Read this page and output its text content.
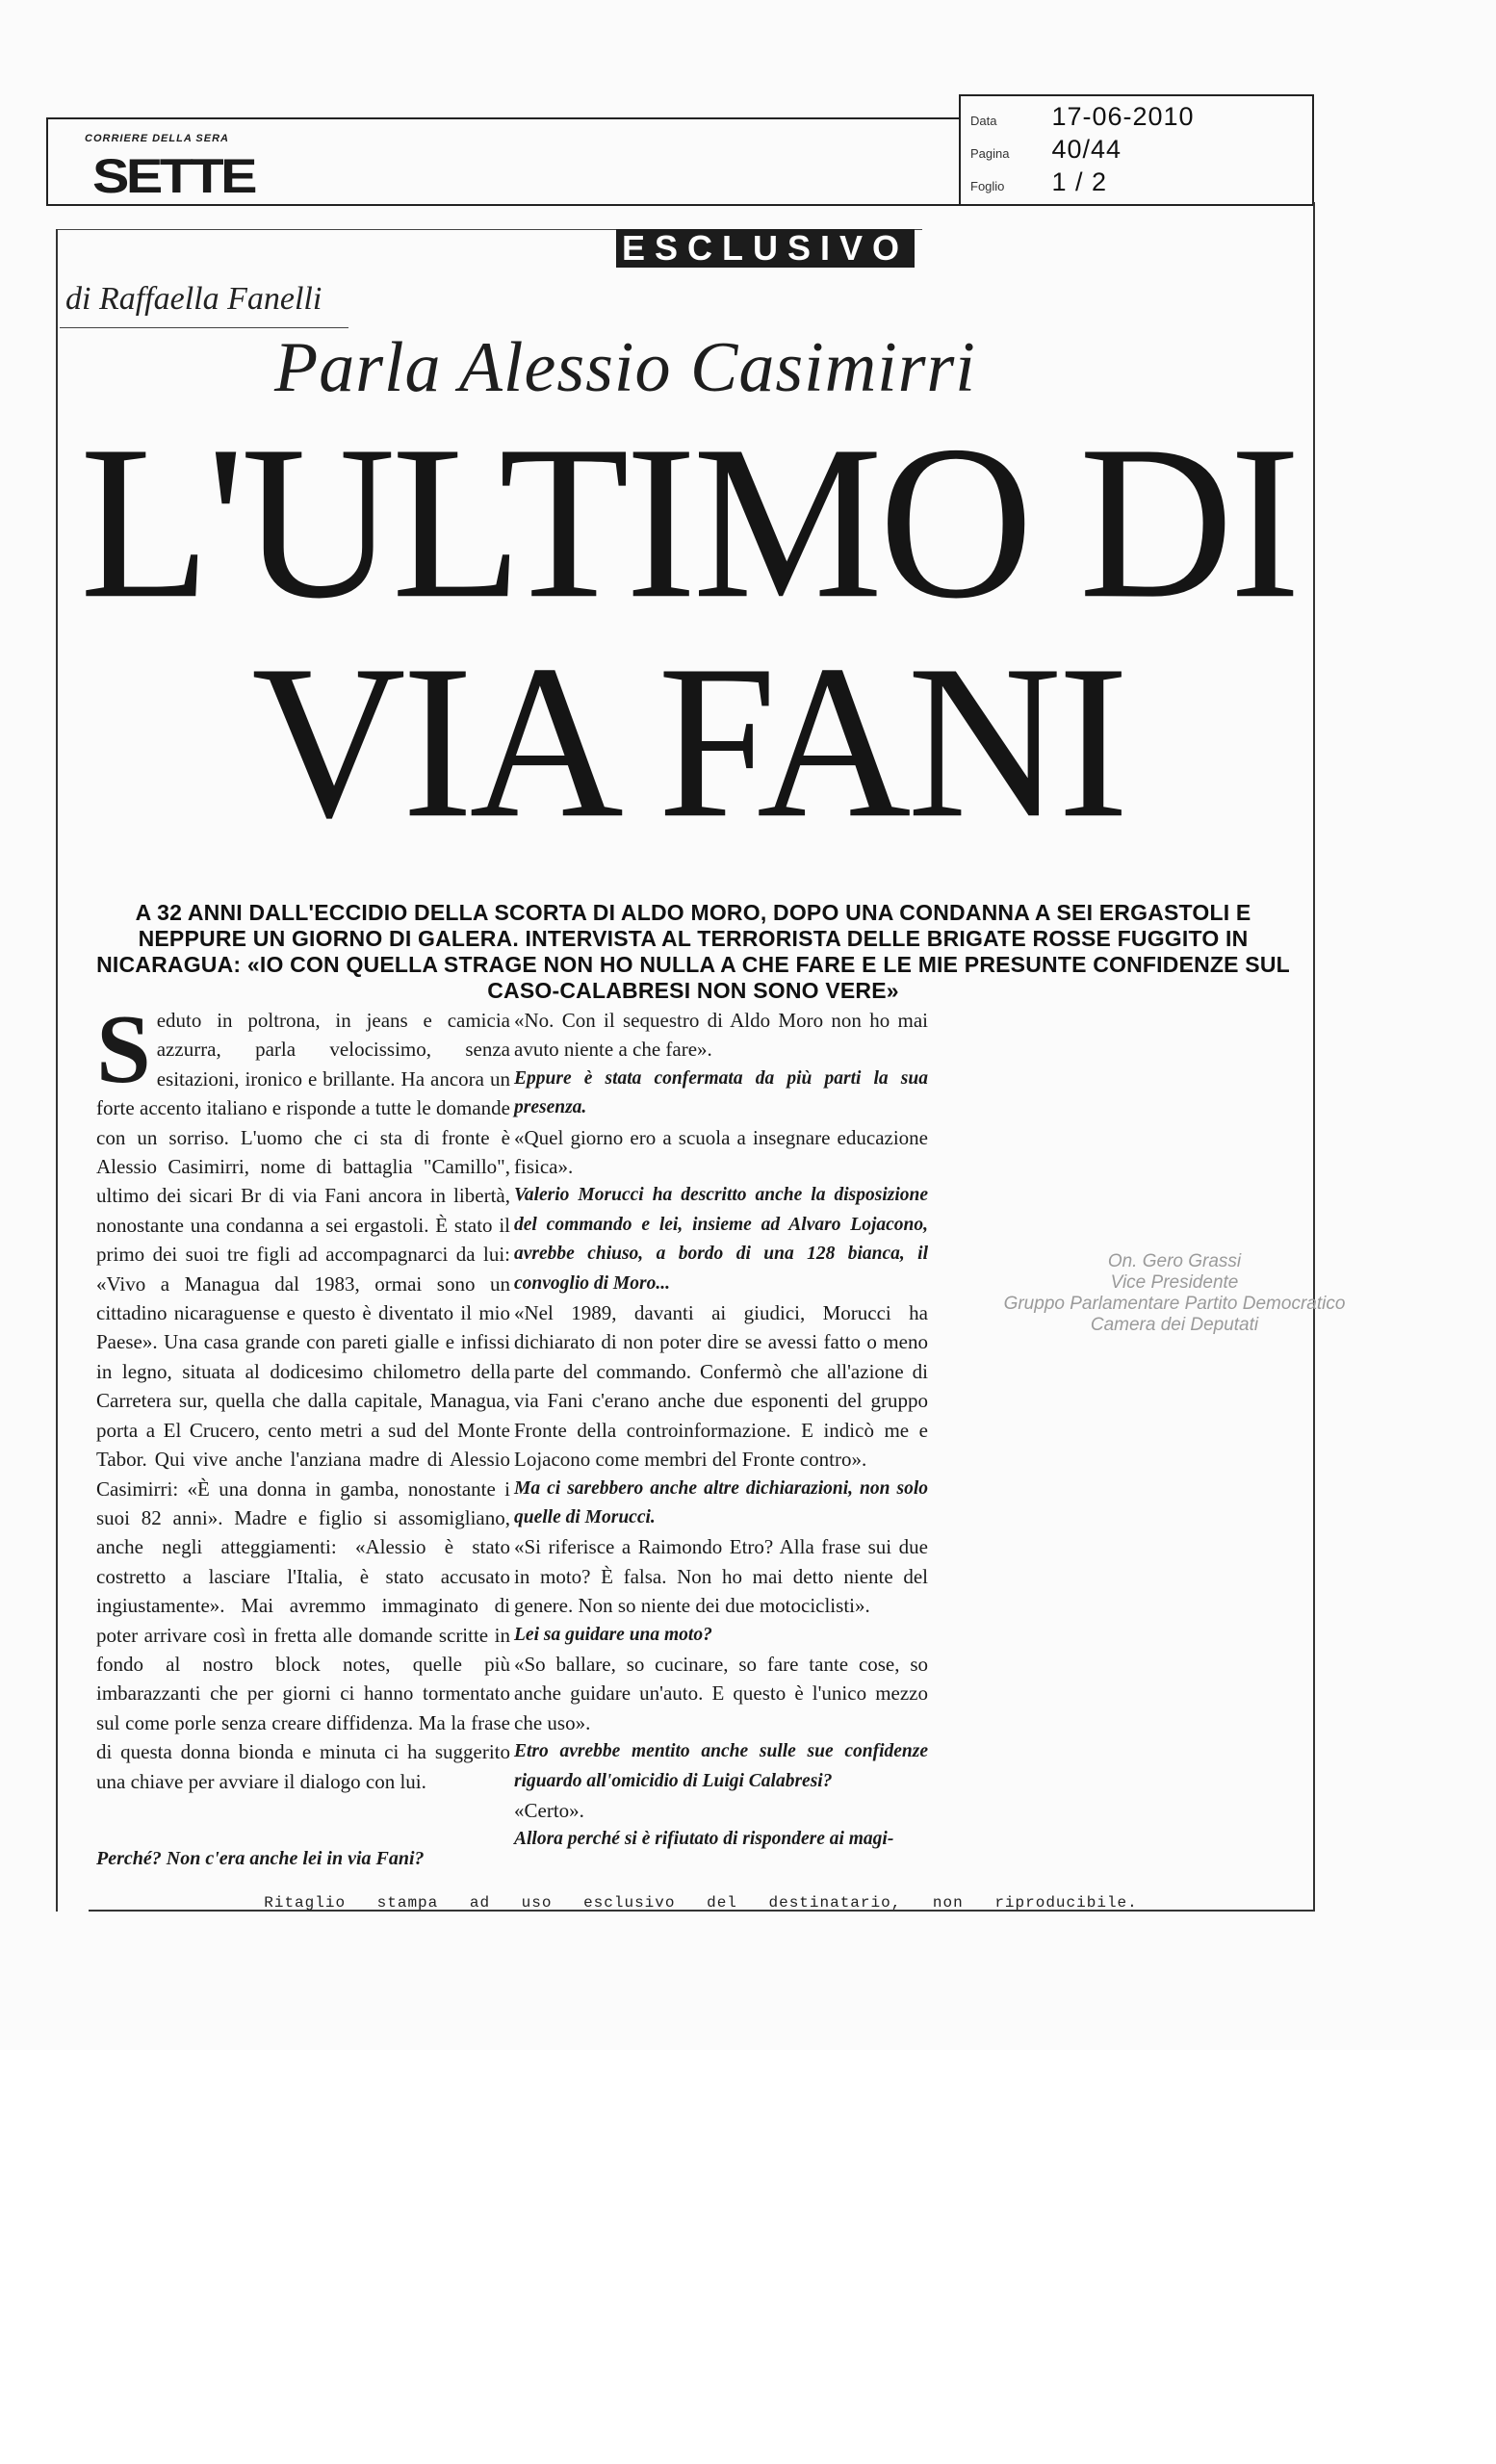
CORRIERE DELLA SERA
SETTE
Data 17-06-2010
Pagina 40/44
Foglio 1 / 2
ESCLUSIVO
di Raffaella Fanelli
Parla Alessio Casimirri
L'ULTIMO DI
VIA FANI
A 32 ANNI DALL'ECCIDIO DELLA SCORTA DI ALDO MORO, DOPO UNA CONDANNA A SEI ERGASTOLI E NEPPURE UN GIORNO DI GALERA. INTERVISTA AL TERRORISTA DELLE BRIGATE ROSSE FUGGITO IN NICARAGUA: «IO CON QUELLA STRAGE NON HO NULLA A CHE FARE E LE MIE PRESUNTE CONFIDENZE SUL CASO-CALABRESI NON SONO VERE»
S eduto in poltrona, in jeans e camicia azzurra, parla velocissimo, senza esitazioni, ironico e brillante. Ha ancora un forte accento italiano e risponde a tutte le domande con un sorriso. L'uomo che ci sta di fronte è Alessio Casimirri, nome di battaglia "Camillo", ultimo dei sicari Br di via Fani ancora in libertà, nonostante una condanna a sei ergastoli. È stato il primo dei suoi tre figli ad accompagnarci da lui: «Vivo a Managua dal 1983, ormai sono un cittadino nicaraguense e questo è diventato il mio Paese». Una casa grande con pareti gialle e infissi in legno, situata al dodicesimo chilometro della Carretera sur, quella che dalla capitale, Managua, porta a El Crucero, cento metri a sud del Monte Tabor. Qui vive anche l'anziana madre di Alessio Casimirri: «È una donna in gamba, nonostante i suoi 82 anni». Madre e figlio si assomigliano, anche negli atteggiamenti: «Alessio è stato costretto a lasciare l'Italia, è stato accusato ingiustamente». Mai avremmo immaginato di poter arrivare così in fretta alle domande scritte in fondo al nostro block notes, quelle più imbarazzanti che per giorni ci hanno tormentato sul come porle senza creare diffidenza. Ma la frase di questa donna bionda e minuta ci ha suggerito una chiave per avviare il dialogo con lui.

Perché? Non c'era anche lei in via Fani?

«No. Con il sequestro di Aldo Moro non ho mai avuto niente a che fare».

Eppure è stata confermata da più parti la sua presenza.

«Quel giorno ero a scuola a insegnare educazione fisica».

Valerio Morucci ha descritto anche la disposizione del commando e lei, insieme ad Alvaro Lojacono, avrebbe chiuso, a bordo di una 128 bianca, il convoglio di Moro...

«Nel 1989, davanti ai giudici, Morucci ha dichiarato di non poter dire se avessi fatto o meno parte del commando. Confermò che all'azione di via Fani c'erano anche due esponenti del gruppo Fronte della controinformazione. E indicò me e Lojacono come membri del Fronte contro».

Ma ci sarebbero anche altre dichiarazioni, non solo quelle di Morucci.

«Si riferisce a Raimondo Etro? Alla frase sui due in moto? È falsa. Non ho mai detto niente del genere. Non so niente dei due motociclisti».

Lei sa guidare una moto?

«So ballare, so cucinare, so fare tante cose, so anche guidare un'auto. E questo è l'unico mezzo che uso».

Etro avrebbe mentito anche sulle sue confidenze riguardo all'omicidio di Luigi Calabresi?

«Certo».

Allora perché si è rifiutato di rispondere ai magi-

On. Gero Grassi
Vice Presidente
Gruppo Parlamentare Partito Democratico
Camera dei Deputati
Ritaglio stampa ad uso esclusivo del destinatario, non riproducibile.
